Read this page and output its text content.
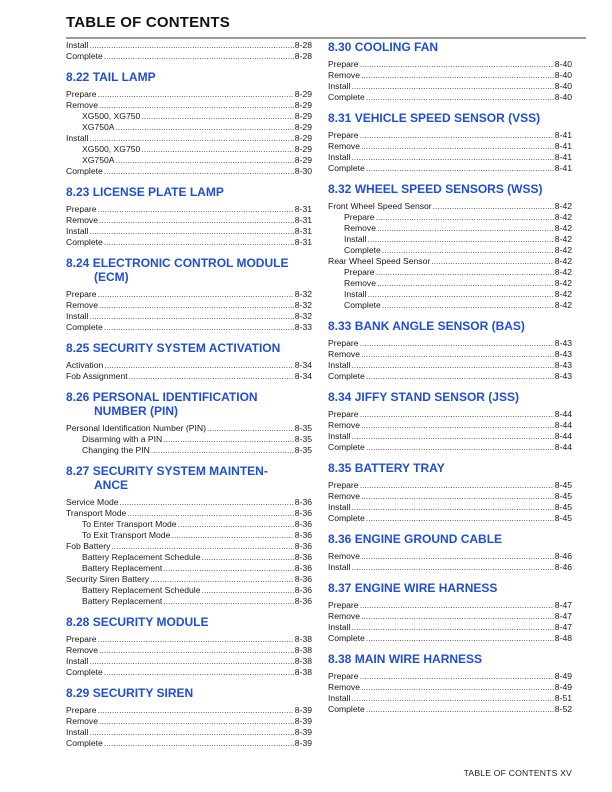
TABLE OF CONTENTS
Install .....	8-28
Complete .....	8-28
8.22 TAIL LAMP
Prepare .....	8-29
Remove .....	8-29
XG500, XG750 .....	8-29
XG750A .....	8-29
Install .....	8-29
XG500, XG750 .....	8-29
XG750A .....	8-29
Complete .....	8-30
8.23 LICENSE PLATE LAMP
Prepare .....	8-31
Remove .....	8-31
Install .....	8-31
Complete .....	8-31
8.24 ELECTRONIC CONTROL MODULE
(ECM)
Prepare .....	8-32
Remove .....	8-32
Install .....	8-32
Complete .....	8-33
8.25 SECURITY SYSTEM ACTIVATION
Activation .....	8-34
Fob Assignment .....	8-34
8.26 PERSONAL IDENTIFICATION
NUMBER (PIN)
Personal Identification Number (PIN) .....	8-35
Disarming with a PIN .....	8-35
Changing the PIN .....	8-35
8.27 SECURITY SYSTEM MAINTEN-
ANCE
Service Mode .....	8-36
Transport Mode .....	8-36
To Enter Transport Mode .....	8-36
To Exit Transport Mode .....	8-36
Fob Battery .....	8-36
Battery Replacement Schedule .....	8-36
Battery Replacement .....	8-36
Security Siren Battery .....	8-36
Battery Replacement Schedule .....	8-36
Battery Replacement .....	8-36
8.28 SECURITY MODULE
Prepare .....	8-38
Remove .....	8-38
Install .....	8-38
Complete .....	8-38
8.29 SECURITY SIREN
Prepare .....	8-39
Remove .....	8-39
Install .....	8-39
Complete .....	8-39
8.30 COOLING FAN
Prepare .....	8-40
Remove .....	8-40
Install .....	8-40
Complete .....	8-40
8.31 VEHICLE SPEED SENSOR (VSS)
Prepare .....	8-41
Remove .....	8-41
Install .....	8-41
Complete .....	8-41
8.32 WHEEL SPEED SENSORS (WSS)
Front Wheel Speed Sensor .....	8-42
Prepare .....	8-42
Remove .....	8-42
Install .....	8-42
Complete .....	8-42
Rear Wheel Speed Sensor .....	8-42
Prepare .....	8-42
Remove .....	8-42
Install .....	8-42
Complete .....	8-42
8.33 BANK ANGLE SENSOR (BAS)
Prepare .....	8-43
Remove .....	8-43
Install .....	8-43
Complete .....	8-43
8.34 JIFFY STAND SENSOR (JSS)
Prepare .....	8-44
Remove .....	8-44
Install .....	8-44
Complete .....	8-44
8.35 BATTERY TRAY
Prepare .....	8-45
Remove .....	8-45
Install .....	8-45
Complete .....	8-45
8.36 ENGINE GROUND CABLE
Remove .....	8-46
Install .....	8-46
8.37 ENGINE WIRE HARNESS
Prepare .....	8-47
Remove .....	8-47
Install .....	8-47
Complete .....	8-48
8.38 MAIN WIRE HARNESS
Prepare .....	8-49
Remove .....	8-49
Install .....	8-51
Complete .....	8-52
TABLE OF CONTENTS XV
